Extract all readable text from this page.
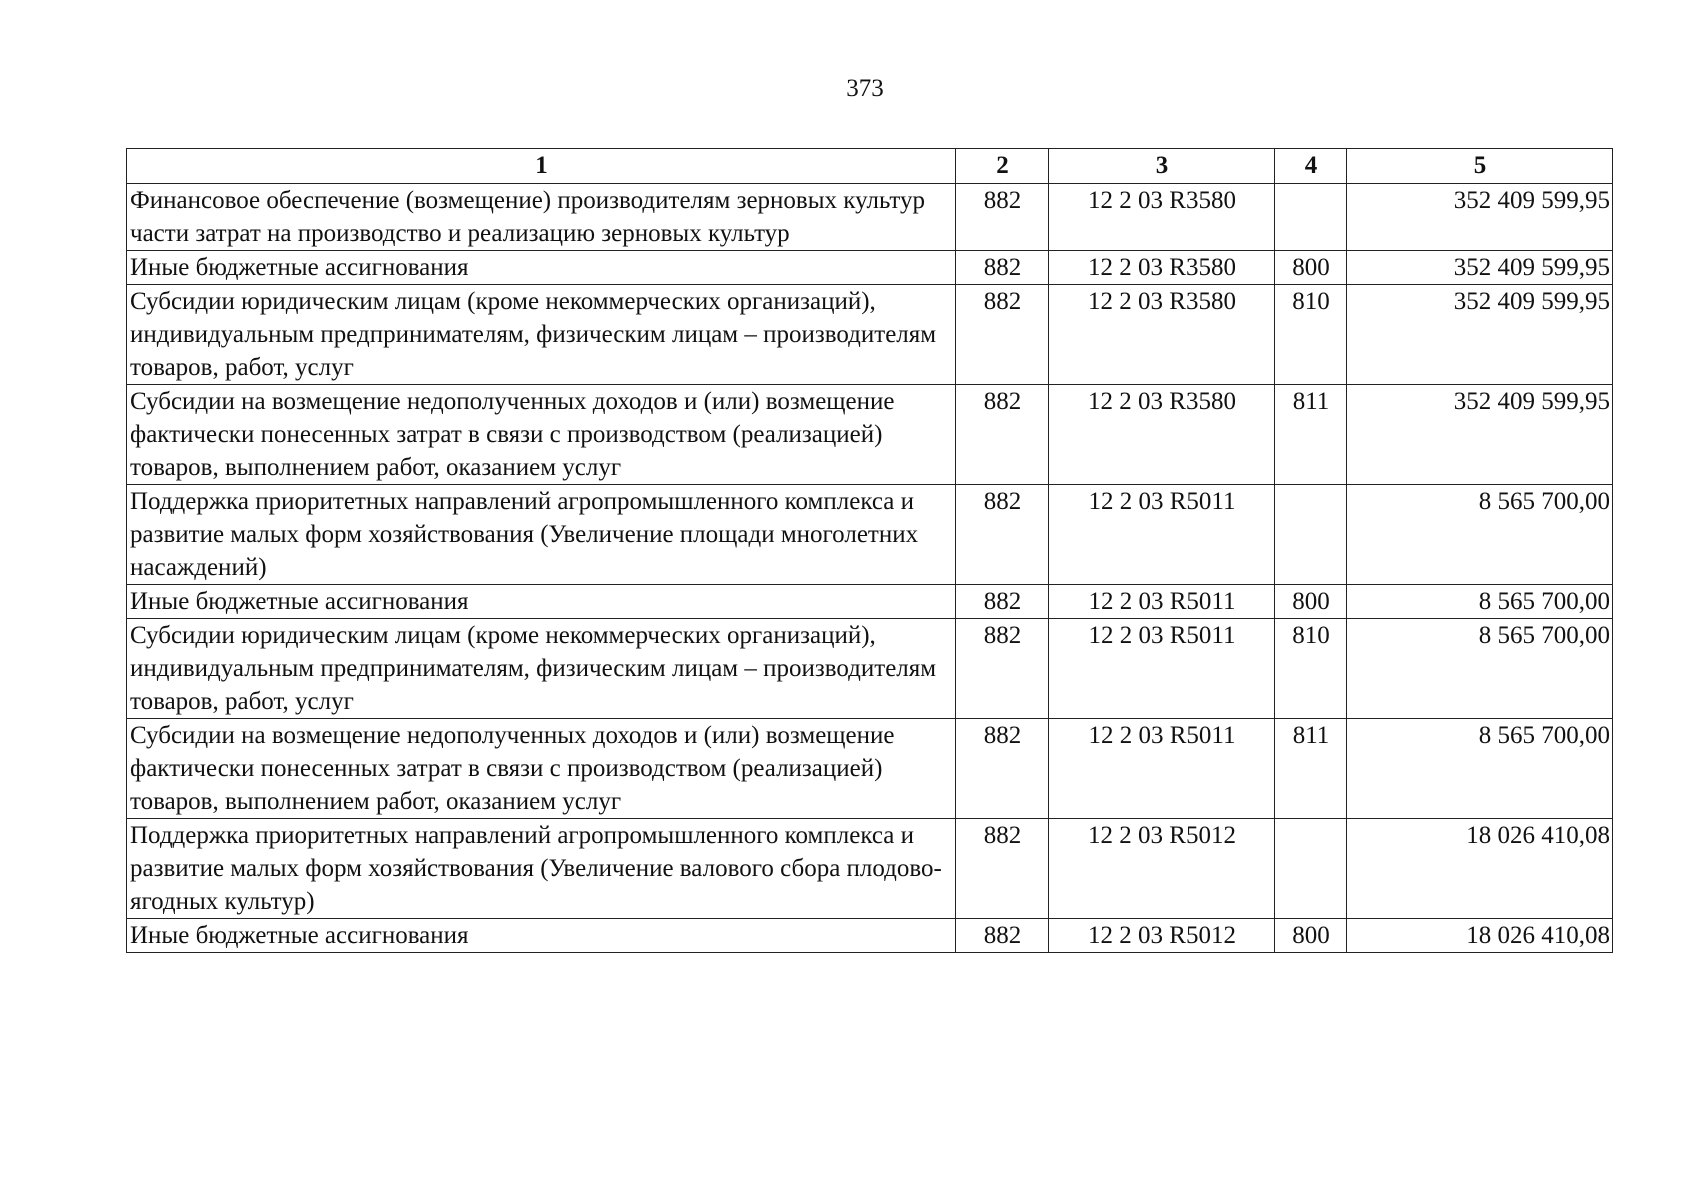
373
1	2	3	4	5
Финансовое обеспечение (возмещение) производителям зерновых культур части затрат на производство и реализацию зерновых культур	882	12 2 03 R3580		352 409 599,95
Иные бюджетные ассигнования	882	12 2 03 R3580	800	352 409 599,95
Субсидии юридическим лицам (кроме некоммерческих организаций), индивидуальным предпринимателям, физическим лицам – производителям товаров, работ, услуг	882	12 2 03 R3580	810	352 409 599,95
Субсидии на возмещение недополученных доходов и (или) возмещение фактически понесенных затрат в связи с производством (реализацией) товаров, выполнением работ, оказанием услуг	882	12 2 03 R3580	811	352 409 599,95
Поддержка приоритетных направлений агропромышленного комплекса и развитие малых форм хозяйствования (Увеличение площади многолетних насаждений)	882	12 2 03 R5011		8 565 700,00
Иные бюджетные ассигнования	882	12 2 03 R5011	800	8 565 700,00
Субсидии юридическим лицам (кроме некоммерческих организаций), индивидуальным предпринимателям, физическим лицам – производителям товаров, работ, услуг	882	12 2 03 R5011	810	8 565 700,00
Субсидии на возмещение недополученных доходов и (или) возмещение фактически понесенных затрат в связи с производством (реализацией) товаров, выполнением работ, оказанием услуг	882	12 2 03 R5011	811	8 565 700,00
Поддержка приоритетных направлений агропромышленного комплекса и развитие малых форм хозяйствования (Увеличение валового сбора плодово-ягодных культур)	882	12 2 03 R5012		18 026 410,08
Иные бюджетные ассигнования	882	12 2 03 R5012	800	18 026 410,08
